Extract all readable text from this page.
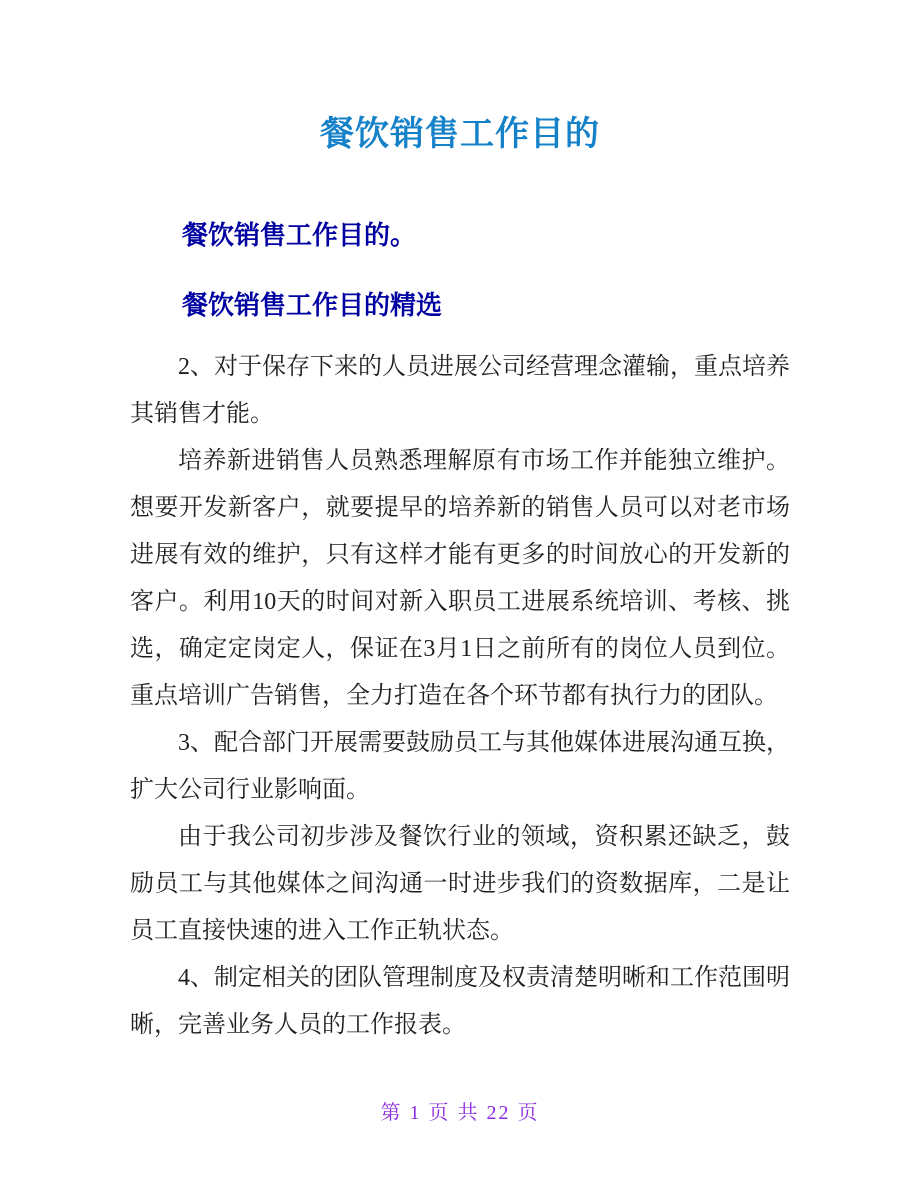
餐饮销售工作目的
餐饮销售工作目的。
餐饮销售工作目的精选

2、对于保存下来的人员进展公司经营理念灌输，重点培养其销售才能。

培养新进销售人员熟悉理解原有市场工作并能独立维护。想要开发新客户，就要提早的培养新的销售人员可以对老市场进展有效的维护，只有这样才能有更多的时间放心的开发新的客户。利用10天的时间对新入职员工进展系统培训、考核、挑选，确定定岗定人，保证在3月1日之前所有的岗位人员到位。重点培训广告销售，全力打造在各个环节都有执行力的团队。

3、配合部门开展需要鼓励员工与其他媒体进展沟通互换，扩大公司行业影响面。

由于我公司初步涉及餐饮行业的领域，资积累还缺乏，鼓励员工与其他媒体之间沟通一时进步我们的资数据库，二是让员工直接快速的进入工作正轨状态。

4、制定相关的团队管理制度及权责清楚明晰和工作范围明晰，完善业务人员的工作报表。

第 1 页 共 22 页
